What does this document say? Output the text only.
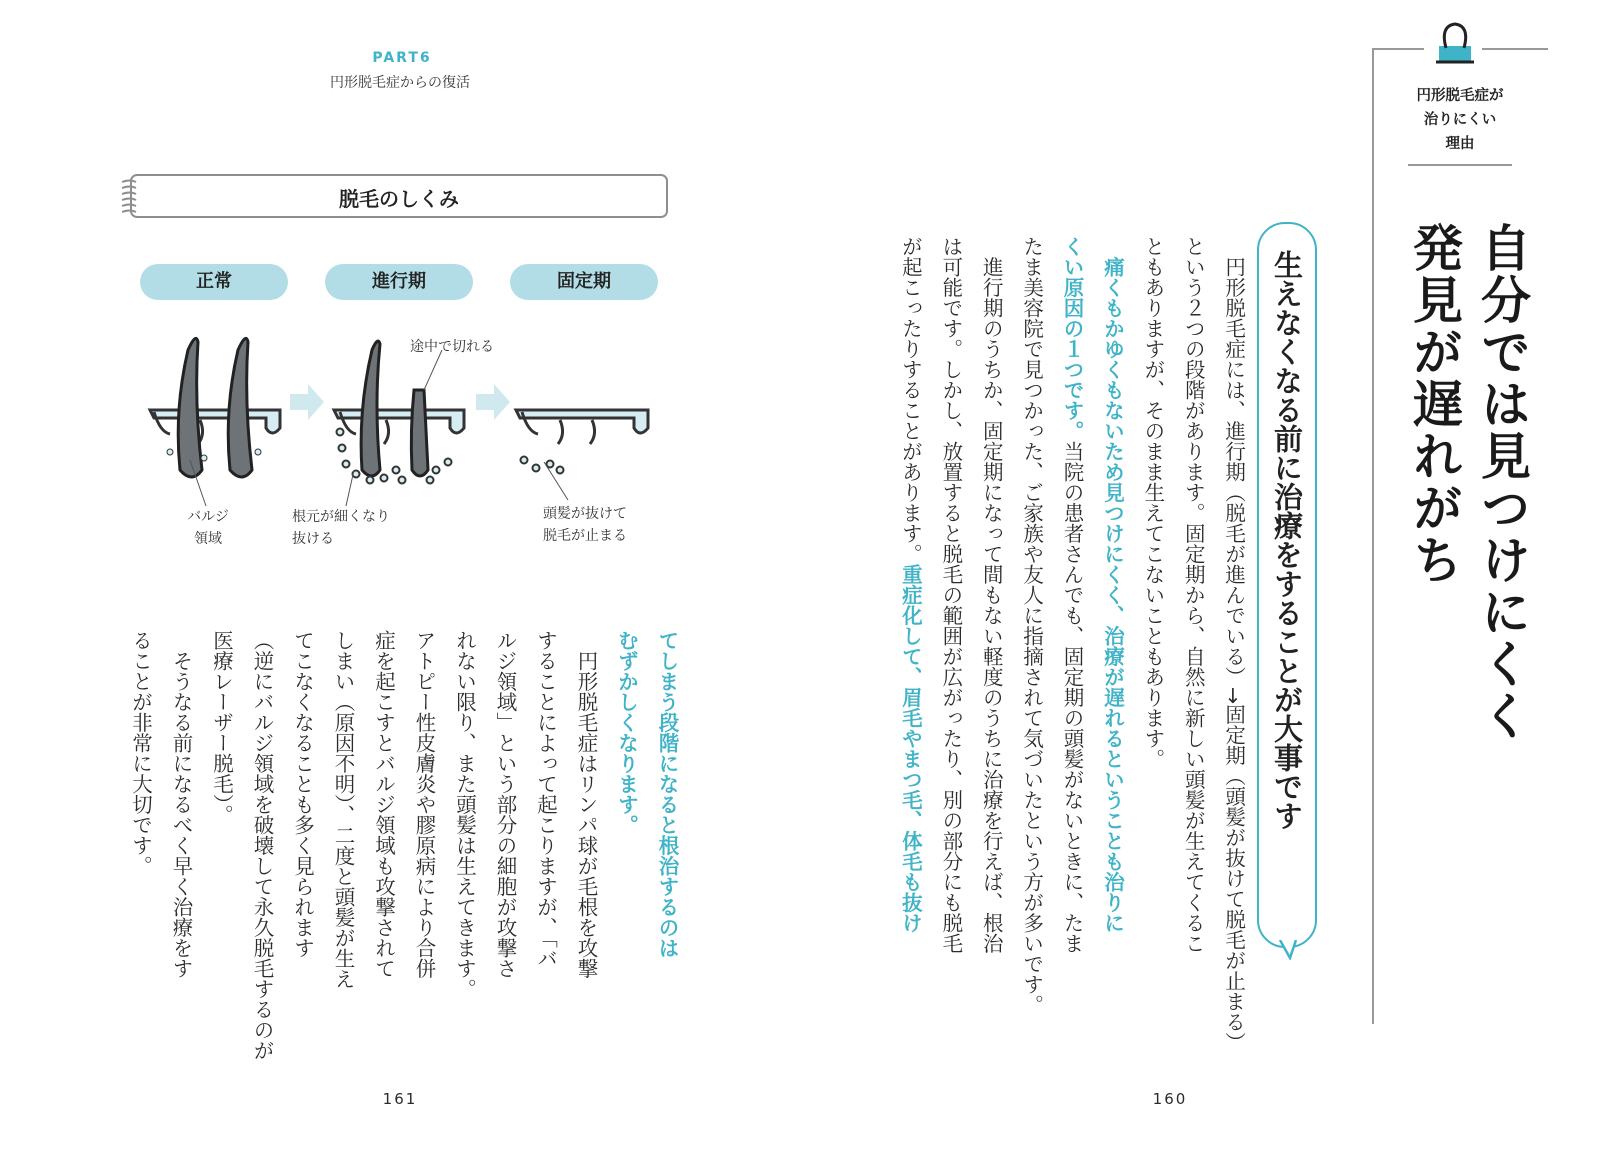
PART6
円形脱毛症からの復活
脱毛のしくみ
正常	進行期	固定期
途中で切れる
バルジ
領域
根元が細くなり
抜ける
頭髪が抜けて
脱毛が止まる
てしまう段階になると根治するのは
むずかしくなります。
　円形脱毛症はリンパ球が毛根を攻撃
することによって起こりますが、「バ
ルジ領域」という部分の細胞が攻撃さ
れない限り、また頭髪は生えてきます。
アトピー性皮膚炎や膠原病により合併
症を起こすとバルジ領域も攻撃されて
しまい（原因不明）、二度と頭髪が生え
てこなくなることも多く見られます
（逆にバルジ領域を破壊して永久脱毛するのが
医療レーザー脱毛）。
　そうなる前になるべく早く治療をす
ることが非常に大切です。
161
円形脱毛症が
治りにくい
理由
自分では見つけにくく
発見が遅れがち
生えなくなる前に治療をすることが大事です
　円形脱毛症には、進行期（脱毛が進んでいる）→固定期（頭髪が抜けて脱毛が止まる）
という２つの段階があります。固定期から、自然に新しい頭髪が生えてくるこ
ともありますが、そのまま生えてこないこともあります。
　痛くもかゆくもないため見つけにくく、治療が遅れるということも治りに
くい原因の１つです。当院の患者さんでも、固定期の頭髪がないときに、たま
たま美容院で見つかった、ご家族や友人に指摘されて気づいたという方が多いです。
　進行期のうちか、固定期になって間もない軽度のうちに治療を行えば、根治
は可能です。しかし、放置すると脱毛の範囲が広がったり、別の部分にも脱毛
が起こったりすることがあります。重症化して、眉毛やまつ毛、体毛も抜け
160
